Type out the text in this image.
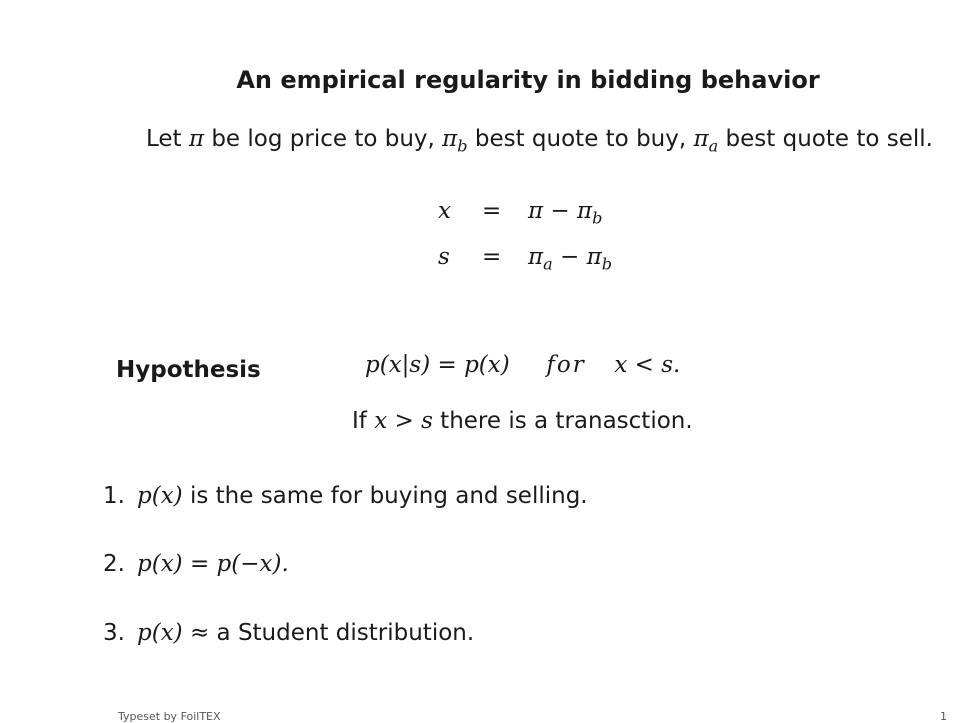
An empirical regularity in bidding behavior
Let π be log price to buy, $\pi_b$ best quote to buy, $\pi_a$ best quote to sell.
$x = \pi - \pi_b$
$s = \pi_a - \pi_b$
Hypothesis	p(x|s) = p(x) for x < s.
If x > s there is a tranasction.
1. p(x) is the same for buying and selling.
2. p(x) = p(−x).
3. p(x) ≈ a Student distribution.
Typeset by FoilTEX	1
